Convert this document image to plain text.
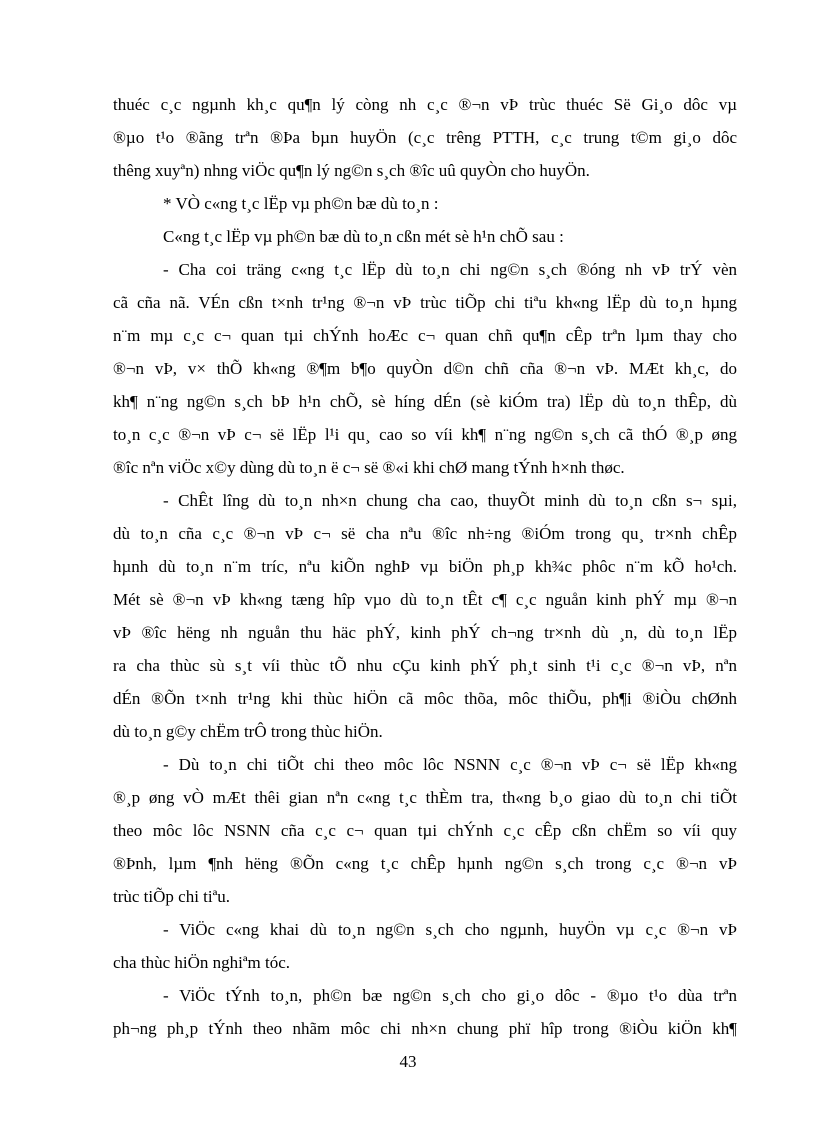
thuéc c¸c ngµnh kh¸c qu¶n lý còng nh c¸c ®¬n vÞ trùc thuéc Së Gi¸o dôc vµ
®µo t¹o ®ãng trªn ®Þa bµn huyÖn (c¸c trêng PTTH, c¸c trung t©m gi¸o dôc
thêng xuyªn) nhng viÖc qu¶n lý ng©n s¸ch ®îc uû quyÒn cho huyÖn.
* VÒ c«ng t¸c lËp vµ ph©n bæ dù to¸n :
C«ng t¸c lËp vµ ph©n bæ dù to¸n cßn mét sè h¹n chÕ sau :
- Cha coi träng c«ng t¸c lËp dù to¸n chi ng©n s¸ch ®óng nh vÞ trÝ vèn
cã cña nã. VÉn cßn t×nh tr¹ng ®¬n vÞ trùc tiÕp chi tiªu kh«ng lËp dù to¸n hµng
n¨m mµ c¸c c¬ quan tµi chÝnh hoÆc c¬ quan chñ qu¶n cÊp trªn lµm thay cho
®¬n vÞ, v× thÕ kh«ng ®¶m b¶o quyÒn d©n chñ cña ®¬n vÞ. MÆt kh¸c, do
kh¶ n¨ng ng©n s¸ch bÞ h¹n chÕ, sè híng dÉn (sè kiÓm tra) lËp dù to¸n thÊp, dù
to¸n c¸c ®¬n vÞ c¬ së lËp l¹i qu¸ cao so víi kh¶ n¨ng ng©n s¸ch cã thÓ ®¸p øng
®îc nªn viÖc x©y dùng dù to¸n ë c¬ së ®«i khi chØ mang tÝnh h×nh thøc.
- ChÊt lîng dù to¸n nh×n chung cha cao, thuyÕt minh dù to¸n cßn s¬ sµi,
dù to¸n cña c¸c ®¬n vÞ c¬ së cha nªu ®îc nh÷ng ®iÓm trong qu¸ tr×nh chÊp
hµnh dù to¸n n¨m tríc, nªu kiÕn nghÞ vµ biÖn ph¸p kh¾c phôc n¨m kÕ ho¹ch.
Mét sè ®¬n vÞ kh«ng tæng hîp vµo dù to¸n tÊt c¶ c¸c nguån kinh phÝ mµ ®¬n
vÞ ®îc hëng nh nguån thu häc phÝ, kinh phÝ ch¬ng tr×nh dù ¸n, dù to¸n lËp
ra cha thùc sù s¸t víi thùc tÕ nhu cÇu kinh phÝ ph¸t sinh t¹i c¸c ®¬n vÞ, nªn
dÉn ®Õn t×nh tr¹ng khi thùc hiÖn cã môc thõa, môc thiÕu, ph¶i ®iÒu chØnh
dù to¸n g©y chËm trÔ trong thùc hiÖn.
- Dù to¸n chi tiÕt chi theo môc lôc NSNN c¸c ®¬n vÞ c¬ së lËp kh«ng
®¸p øng vÒ mÆt thêi gian nªn c«ng t¸c thÈm tra, th«ng b¸o giao dù to¸n chi tiÕt
theo môc lôc NSNN cña c¸c c¬ quan tµi chÝnh c¸c cÊp cßn chËm so víi quy
®Þnh, lµm ¶nh hëng ®Õn c«ng t¸c chÊp hµnh ng©n s¸ch trong c¸c ®¬n vÞ
trùc tiÕp chi tiªu.
- ViÖc c«ng khai dù to¸n ng©n s¸ch cho ngµnh, huyÖn vµ c¸c ®¬n vÞ
cha thùc hiÖn nghiªm tóc.
- ViÖc tÝnh to¸n, ph©n bæ ng©n s¸ch cho gi¸o dôc - ®µo t¹o dùa trªn
ph¬ng ph¸p tÝnh theo nhãm môc chi nh×n chung phï hîp trong ®iÒu kiÖn kh¶
43
